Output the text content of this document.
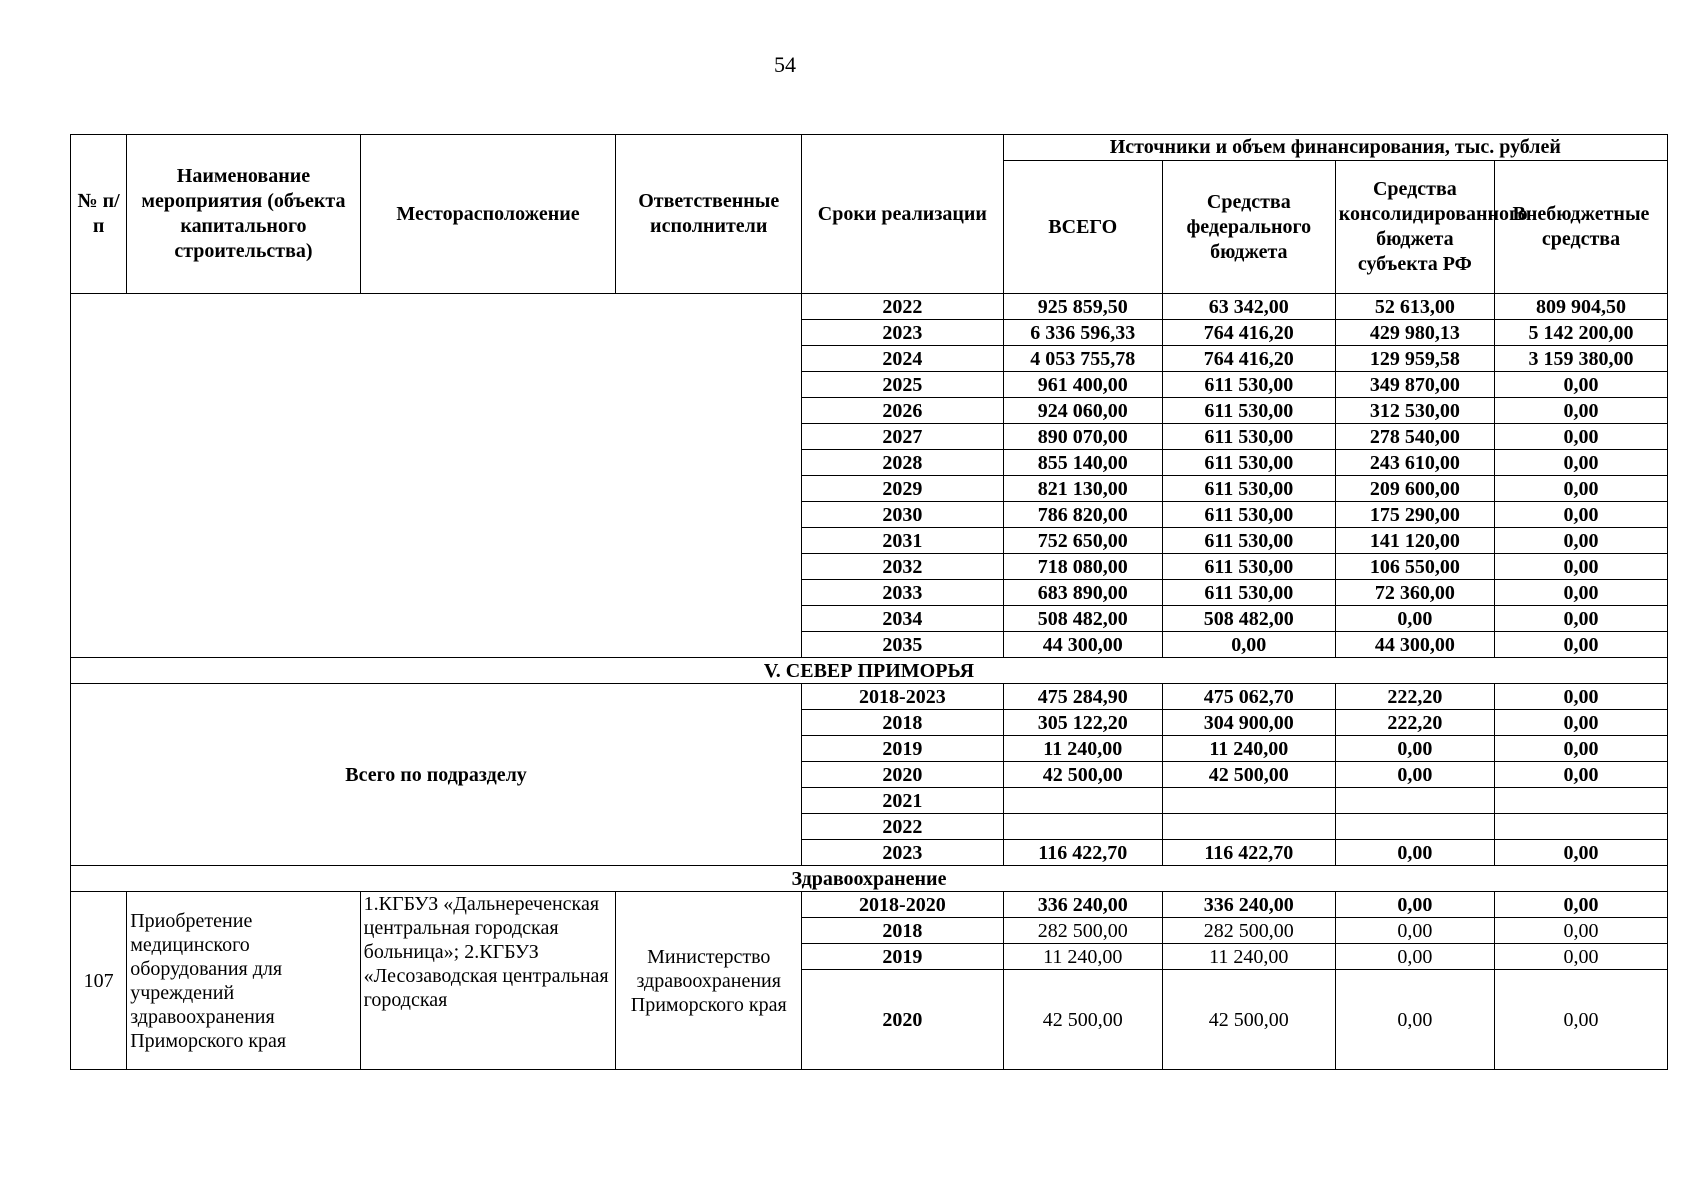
54
№ п/п	Наименование мероприятия (объекта капитального строительства)	Месторасположение	Ответственные исполнители	Сроки реализации	Источники и объем финансирования, тыс. рублей			
					ВСЕГО	Средства федерального бюджета	Средства консолидированного бюджета субъекта РФ	Внебюджетные средства
				2022	925 859,50	63 342,00	52 613,00	809 904,50
				2023	6 336 596,33	764 416,20	429 980,13	5 142 200,00
				2024	4 053 755,78	764 416,20	129 959,58	3 159 380,00
				2025	961 400,00	611 530,00	349 870,00	0,00
				2026	924 060,00	611 530,00	312 530,00	0,00
				2027	890 070,00	611 530,00	278 540,00	0,00
				2028	855 140,00	611 530,00	243 610,00	0,00
				2029	821 130,00	611 530,00	209 600,00	0,00
				2030	786 820,00	611 530,00	175 290,00	0,00
				2031	752 650,00	611 530,00	141 120,00	0,00
				2032	718 080,00	611 530,00	106 550,00	0,00
				2033	683 890,00	611 530,00	72 360,00	0,00
				2034	508 482,00	508 482,00	0,00	0,00
				2035	44 300,00	0,00	44 300,00	0,00
V. СЕВЕР ПРИМОРЬЯ								
Всего по подразделу				2018-2023	475 284,90	475 062,70	222,20	0,00
				2018	305 122,20	304 900,00	222,20	0,00
				2019	11 240,00	11 240,00	0,00	0,00
				2020	42 500,00	42 500,00	0,00	0,00
				2021				
				2022				
				2023	116 422,70	116 422,70	0,00	0,00
Здравоохранение								
107	Приобретение медицинского оборудования для учреждений здравоохранения Приморского края	1.КГБУЗ «Дальнереченская центральная городская больница»; 2.КГБУЗ «Лесозаводская центральная городская	Министерство здравоохранения Приморского края	2018-2020	336 240,00	336 240,00	0,00	0,00
				2018	282 500,00	282 500,00	0,00	0,00
				2019	11 240,00	11 240,00	0,00	0,00
				2020	42 500,00	42 500,00	0,00	0,00
